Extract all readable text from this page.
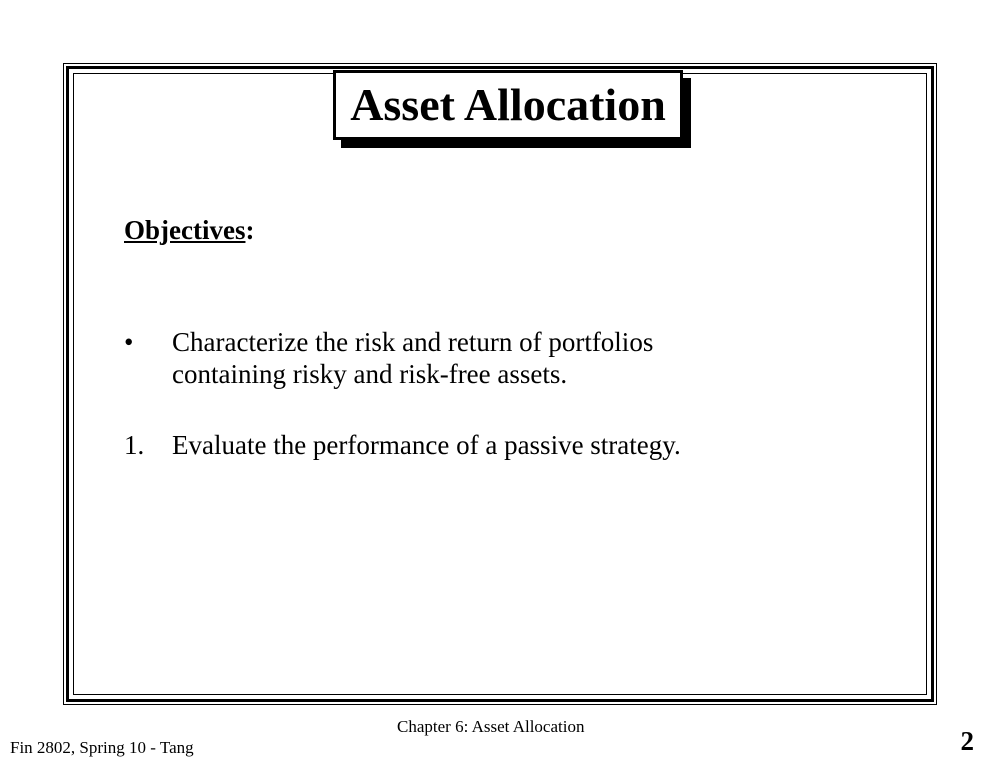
Asset Allocation
Objectives:
•	Characterize the risk and return of portfolios
containing risky and risk-free assets.
1.	Evaluate the performance of a passive strategy.
Chapter 6: Asset Allocation
Fin 2802, Spring 10 - Tang	2
